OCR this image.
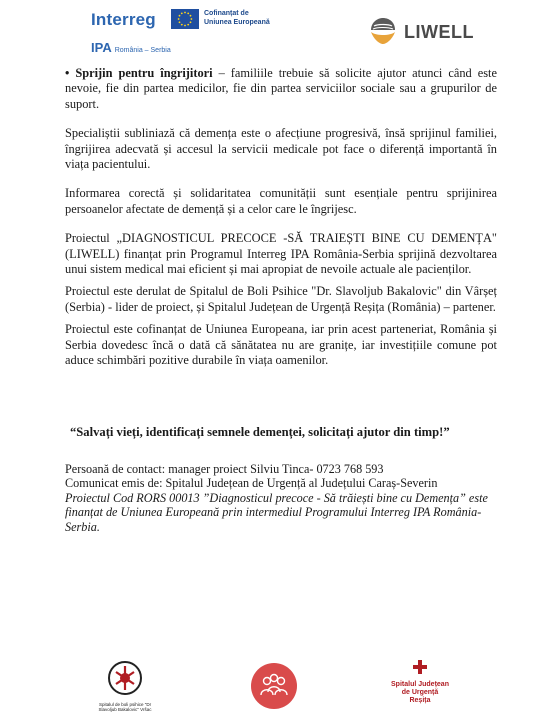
Interreg
IPA România – Serbia
Cofinanțat de
Uniunea Europeană	LIWELL

• Sprijin pentru îngrijitori – familiile trebuie să solicite ajutor atunci când este nevoie, fie din partea medicilor, fie din partea serviciilor sociale sau a grupurilor de suport.

Specialiștii subliniază că demența este o afecțiune progresivă, însă sprijinul familiei, îngrijirea adecvată și accesul la servicii medicale pot face o diferență importantă în viața pacientului.

Informarea corectă și solidaritatea comunității sunt esențiale pentru sprijinirea persoanelor afectate de demență și a celor care le îngrijesc.

Proiectul „DIAGNOSTICUL PRECOCE -SĂ TRAIEȘTI BINE CU DEMENȚA" (LIWELL) finanțat prin Programul Interreg IPA România-Serbia sprijină dezvoltarea unui sistem medical mai eficient și mai apropiat de nevoile actuale ale pacienților.

Proiectul este derulat de Spitalul de Boli Psihice "Dr. Slavoljub Bakalovic" din Vârșeț (Serbia) - lider de proiect, și Spitalul Județean de Urgență Reșița (România) – partener.

Proiectul este cofinanțat de Uniunea Europeana, iar prin acest parteneriat, România și Serbia dovedesc încă o dată că sănătatea nu are granițe, iar investițiile comune pot aduce schimbări pozitive durabile în viața oamenilor.

“Salvați vieți, identificați semnele demenței, solicitați ajutor din timp!”
Persoană de contact: manager proiect Silviu Tinca- 0723 768 593
Comunicat emis de: Spitalul Județean de Urgență al Județului Caraș-Severin
Proiectul Cod RORS 00013 ”Diagnosticul precoce - Să trăiești bine cu Demența” este finanțat de Uniunea Europeană prin intermediul Programului Interreg IPA România-Serbia.
Spitalul de boli psihice "Dr Slavoljub Bakalovic" Vršac
Spitalul Județean
de Urgență
Reșița
